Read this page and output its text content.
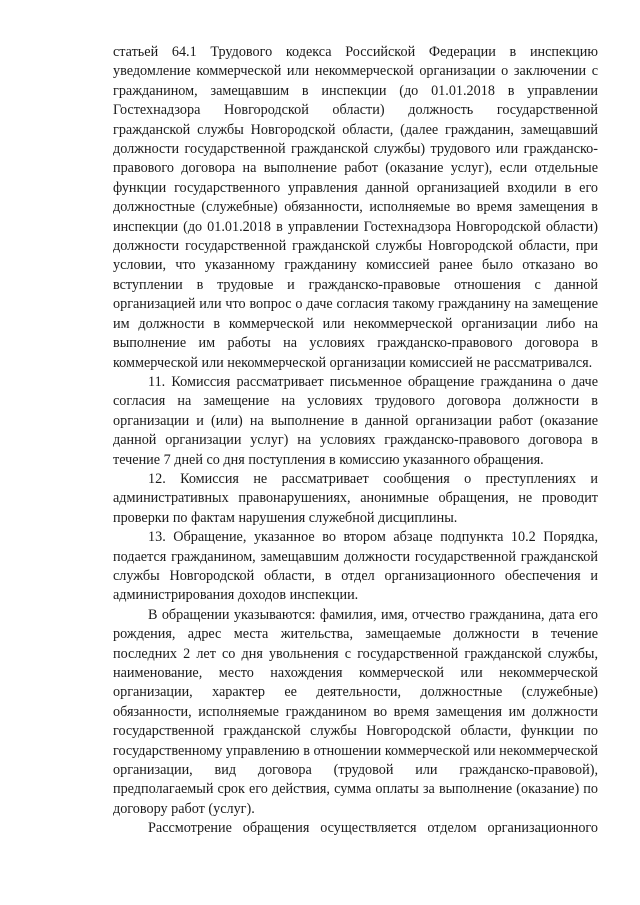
статьей 64.1 Трудового кодекса Российской Федерации в инспекцию уведомление коммерческой или некоммерческой организации о заключении с гражданином, замещавшим в инспекции (до 01.01.2018 в управлении Гостехнадзора Новгородской области) должность государственной гражданской службы Новгородской области, (далее гражданин, замещавший должности государственной гражданской службы) трудового или гражданско-правового договора на выполнение работ (оказание услуг), если отдельные функции государственного управления данной организацией входили в его должностные (служебные) обязанности, исполняемые во время замещения в инспекции (до 01.01.2018 в управлении Гостехнадзора Новгородской области) должности государственной гражданской службы Новгородской области, при условии, что указанному гражданину комиссией ранее было отказано во вступлении в трудовые и гражданско-правовые отношения с данной организацией или что вопрос о даче согласия такому гражданину на замещение им должности в коммерческой или некоммерческой организации либо на выполнение им работы на условиях гражданско-правового договора в коммерческой или некоммерческой организации комиссией не рассматривался.

11. Комиссия рассматривает письменное обращение гражданина о даче согласия на замещение на условиях трудового договора должности в организации и (или) на выполнение в данной организации работ (оказание данной организации услуг) на условиях гражданско-правового договора в течение 7 дней со дня поступления в комиссию указанного обращения.

12. Комиссия не рассматривает сообщения о преступлениях и административных правонарушениях, анонимные обращения, не проводит проверки по фактам нарушения служебной дисциплины.

13. Обращение, указанное во втором абзаце подпункта 10.2 Порядка, подается гражданином, замещавшим должности государственной гражданской службы Новгородской области, в отдел организационного обеспечения и администрирования доходов инспекции.

В обращении указываются: фамилия, имя, отчество гражданина, дата его рождения, адрес места жительства, замещаемые должности в течение последних 2 лет со дня увольнения с государственной гражданской службы, наименование, место нахождения коммерческой или некоммерческой организации, характер ее деятельности, должностные (служебные) обязанности, исполняемые гражданином во время замещения им должности государственной гражданской службы Новгородской области, функции по государственному управлению в отношении коммерческой или некоммерческой организации, вид договора (трудовой или гражданско-правовой), предполагаемый срок его действия, сумма оплаты за выполнение (оказание) по договору работ (услуг).

Рассмотрение обращения осуществляется отделом организационного
